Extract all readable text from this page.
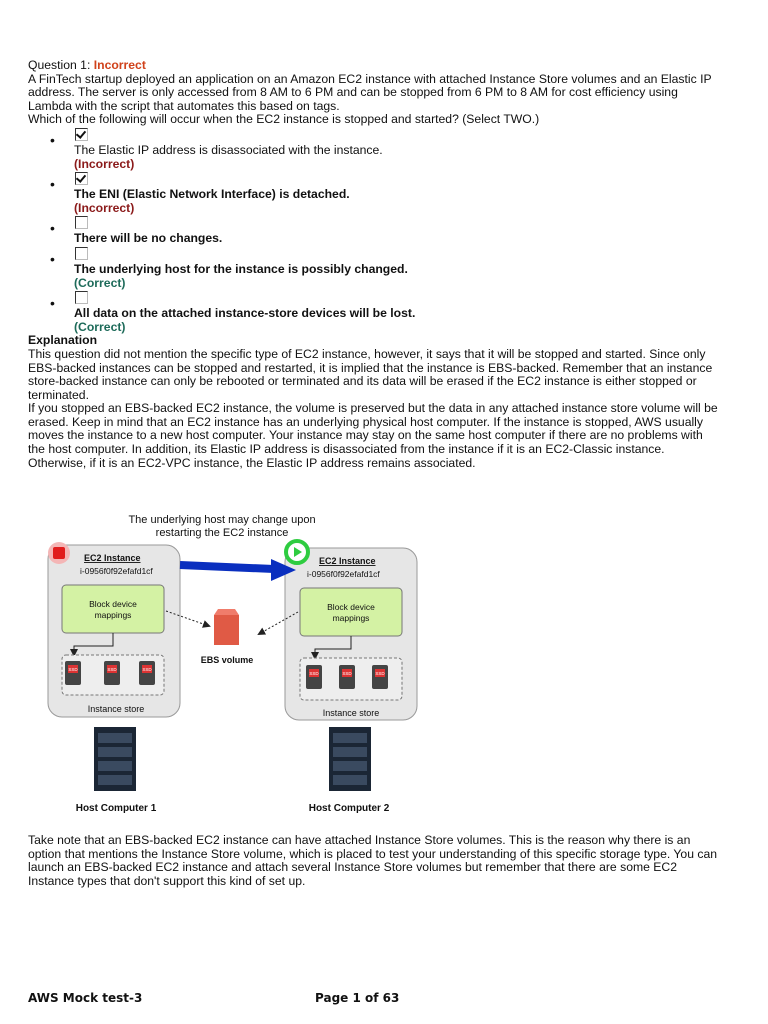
Question 1: Incorrect

A FinTech startup deployed an application on an Amazon EC2 instance with attached Instance Store volumes and an Elastic IP address. The server is only accessed from 8 AM to 6 PM and can be stopped from 6 PM to 8 AM for cost efficiency using Lambda with the script that automates this based on tags.

Which of the following will occur when the EC2 instance is stopped and started? (Select TWO.)

•
The Elastic IP address is disassociated with the instance.
(Incorrect)
•
The ENI (Elastic Network Interface) is detached.
(Incorrect)
•
There will be no changes.
•
The underlying host for the instance is possibly changed.
(Correct)
•
All data on the attached instance-store devices will be lost.
(Correct)

Explanation

This question did not mention the specific type of EC2 instance, however, it says that it will be stopped and started. Since only EBS-backed instances can be stopped and restarted, it is implied that the instance is EBS-backed. Remember that an instance store-backed instance can only be rebooted or terminated and its data will be erased if the EC2 instance is either stopped or terminated.

If you stopped an EBS-backed EC2 instance, the volume is preserved but the data in any attached instance store volume will be erased. Keep in mind that an EC2 instance has an underlying physical host computer. If the instance is stopped, AWS usually moves the instance to a new host computer. Your instance may stay on the same host computer if there are no problems with the host computer. In addition, its Elastic IP address is disassociated from the instance if it is an EC2-Classic instance. Otherwise, if it is an EC2-VPC instance, the Elastic IP address remains associated.

The underlying host may change upon
restarting the EC2 instance
EC2 Instance
i-0956f0f92efafd1cf
Block device
mappings
SSD	SSD	SSD
Instance store
EC2 Instance
i-0956f0f92efafd1cf
Block device
mappings
SSD	SSD	SSD
Instance store
EBS volume
Host Computer 1	Host Computer 2

Take note that an EBS-backed EC2 instance can have attached Instance Store volumes. This is the reason why there is an option that mentions the Instance Store volume, which is placed to test your understanding of this specific storage type. You can launch an EBS-backed EC2 instance and attach several Instance Store volumes but remember that there are some EC2 Instance types that don't support this kind of set up.

AWS Mock test-3	Page 1 of 63
